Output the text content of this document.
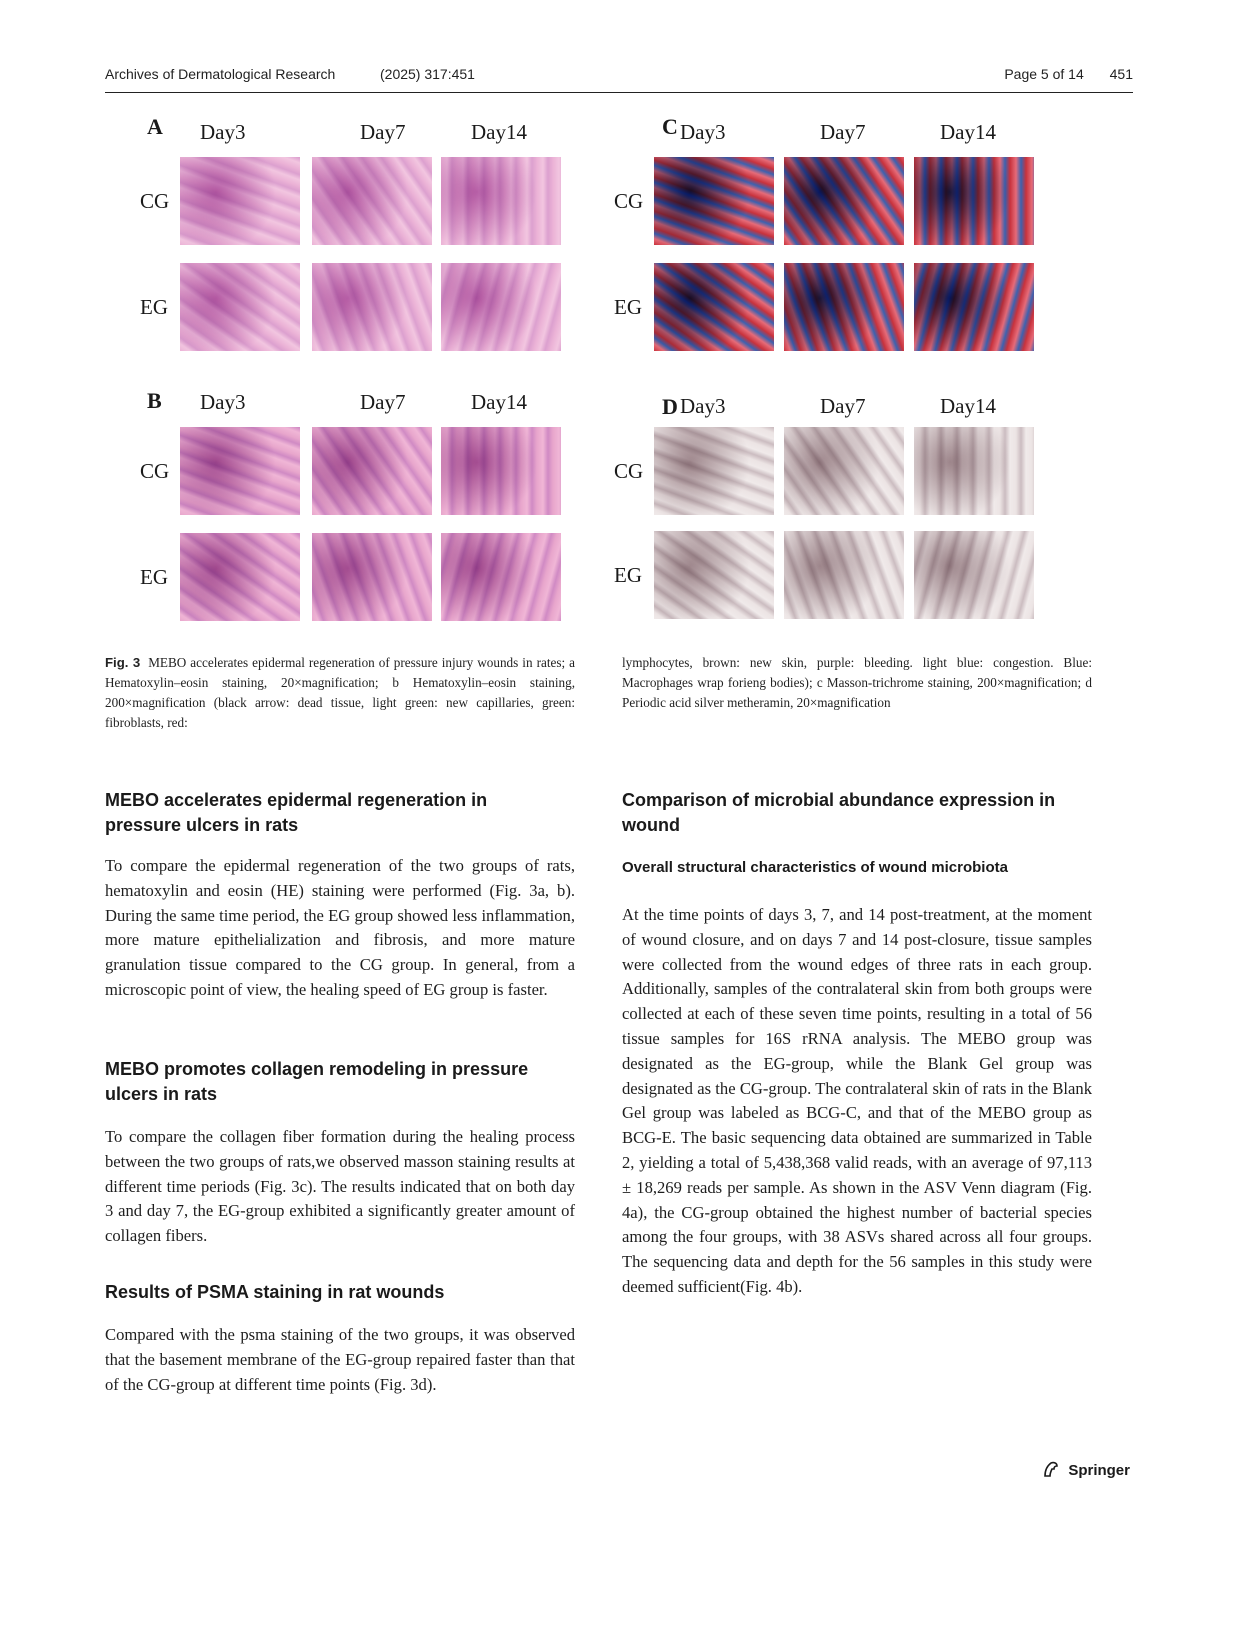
Archives of Dermatological Research	(2025) 317:451	Page 5 of 14 451
A Day3	Day7	Day14
CG
EG
B Day3	Day7	Day14
CG
EG
C Day3	Day7	Day14
CG
EG
D Day3	Day7	Day14
CG
EG
Fig. 3 MEBO accelerates epidermal regeneration of pressure injury wounds in rates; a Hematoxylin–eosin staining, 20×magnification; b Hematoxylin–eosin staining, 200×magnification (black arrow: dead tissue, light green: new capillaries, green: fibroblasts, red:
lymphocytes, brown: new skin, purple: bleeding. light blue: congestion. Blue: Macrophages wrap forieng bodies); c Masson-trichrome staining, 200×magnification; d Periodic acid silver metheramin, 20×magnification
MEBO accelerates epidermal regeneration in pressure ulcers in rats
To compare the epidermal regeneration of the two groups of rats, hematoxylin and eosin (HE) staining were performed (Fig. 3a, b). During the same time period, the EG group showed less inflammation, more mature epithelialization and fibrosis, and more mature granulation tissue compared to the CG group. In general, from a microscopic point of view, the healing speed of EG group is faster.
MEBO promotes collagen remodeling in pressure ulcers in rats
To compare the collagen fiber formation during the healing process between the two groups of rats,we observed masson staining results at different time periods (Fig. 3c). The results indicated that on both day 3 and day 7, the EG-group exhibited a significantly greater amount of collagen fibers.
Results of PSMA staining in rat wounds
Compared with the psma staining of the two groups, it was observed that the basement membrane of the EG-group repaired faster than that of the CG-group at different time points (Fig. 3d).
Comparison of microbial abundance expression in wound
Overall structural characteristics of wound microbiota
At the time points of days 3, 7, and 14 post-treatment, at the moment of wound closure, and on days 7 and 14 post-closure, tissue samples were collected from the wound edges of three rats in each group. Additionally, samples of the contralateral skin from both groups were collected at each of these seven time points, resulting in a total of 56 tissue samples for 16S rRNA analysis. The MEBO group was designated as the EG-group, while the Blank Gel group was designated as the CG-group. The contralateral skin of rats in the Blank Gel group was labeled as BCG-C, and that of the MEBO group as BCG-E. The basic sequencing data obtained are summarized in Table 2, yielding a total of 5,438,368 valid reads, with an average of 97,113 ± 18,269 reads per sample. As shown in the ASV Venn diagram (Fig. 4a), the CG-group obtained the highest number of bacterial species among the four groups, with 38 ASVs shared across all four groups. The sequencing data and depth for the 56 samples in this study were deemed sufficient(Fig. 4b).
Springer
